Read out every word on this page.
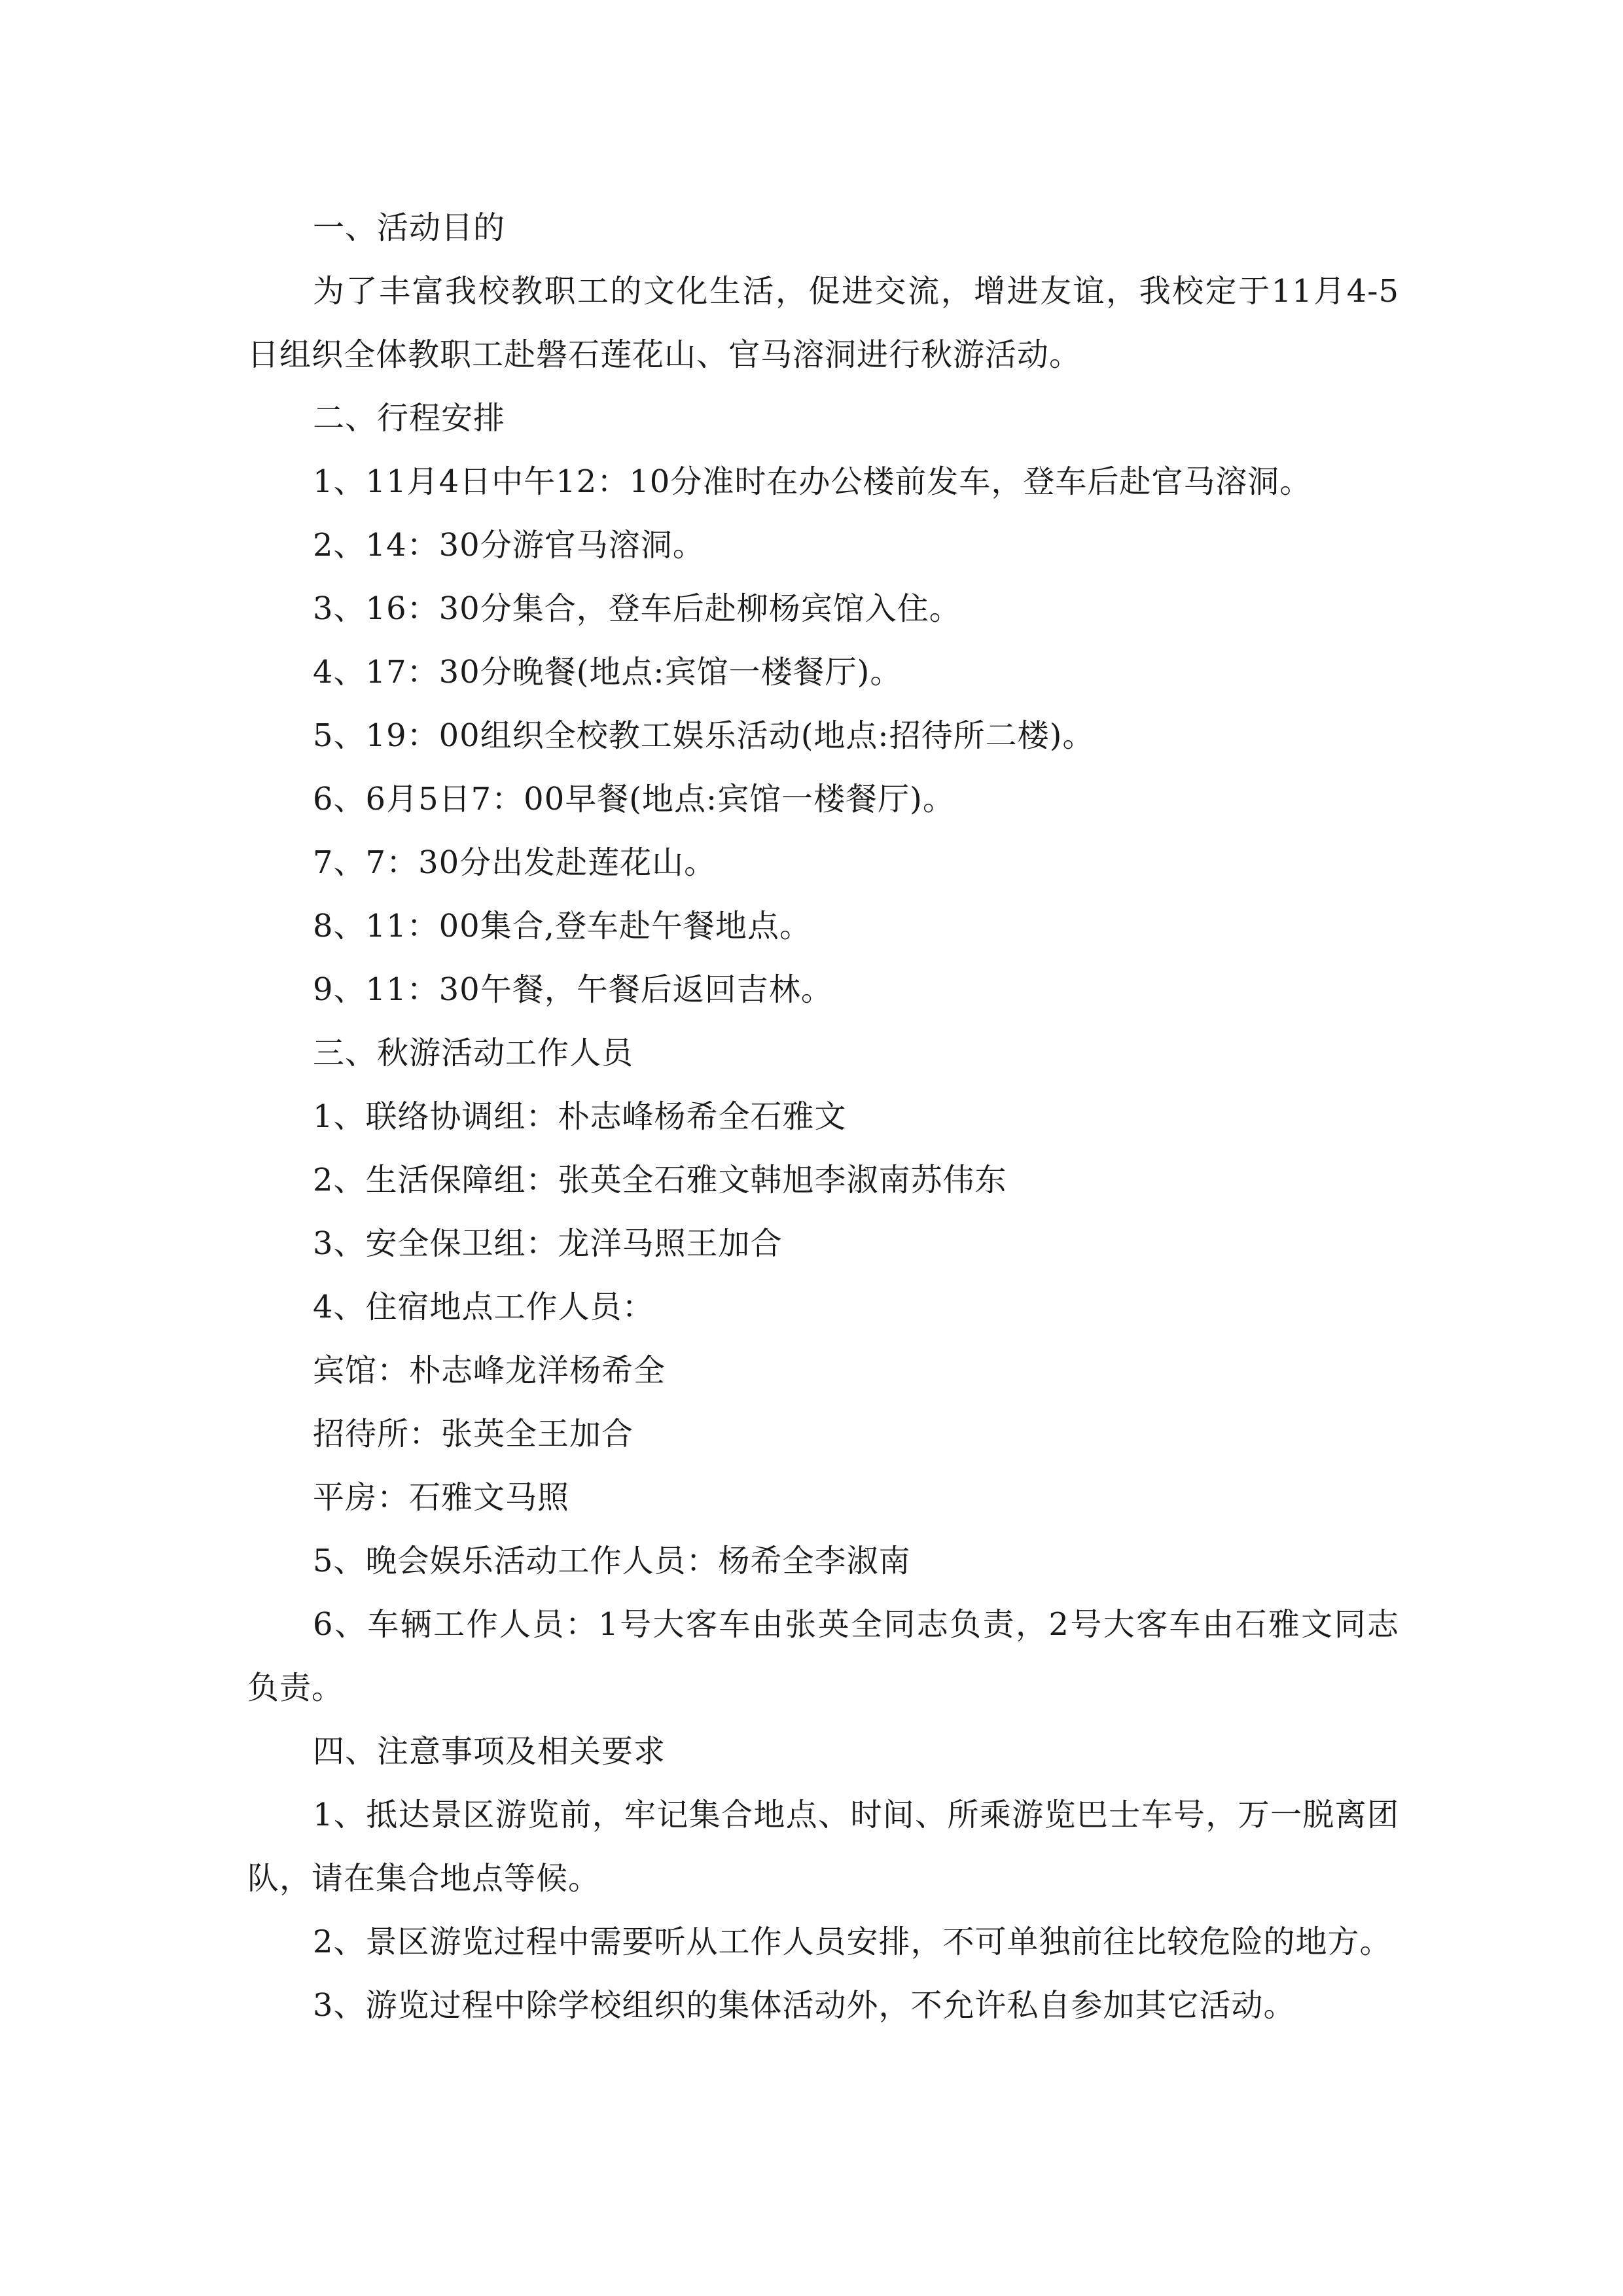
一、活动目的

为了丰富我校教职工的文化生活，促进交流，增进友谊，我校定于11月4-5日组织全体教职工赴磐石莲花山、官马溶洞进行秋游活动。

二、行程安排

1、11月4日中午12：10分准时在办公楼前发车，登车后赴官马溶洞。

2、14：30分游官马溶洞。

3、16：30分集合，登车后赴柳杨宾馆入住。

4、17：30分晚餐(地点:宾馆一楼餐厅)。

5、19：00组织全校教工娱乐活动(地点:招待所二楼)。

6、6月5日7：00早餐(地点:宾馆一楼餐厅)。

7、7：30分出发赴莲花山。

8、11：00集合,登车赴午餐地点。

9、11：30午餐，午餐后返回吉林。

三、秋游活动工作人员

1、联络协调组：朴志峰杨希全石雅文

2、生活保障组：张英全石雅文韩旭李淑南苏伟东

3、安全保卫组：龙洋马照王加合

4、住宿地点工作人员：

宾馆：朴志峰龙洋杨希全

招待所：张英全王加合

平房：石雅文马照

5、晚会娱乐活动工作人员：杨希全李淑南

6、车辆工作人员：1号大客车由张英全同志负责，2号大客车由石雅文同志负责。

四、注意事项及相关要求

1、抵达景区游览前，牢记集合地点、时间、所乘游览巴士车号，万一脱离团队，请在集合地点等候。

2、景区游览过程中需要听从工作人员安排，不可单独前往比较危险的地方。

3、游览过程中除学校组织的集体活动外，不允许私自参加其它活动。
